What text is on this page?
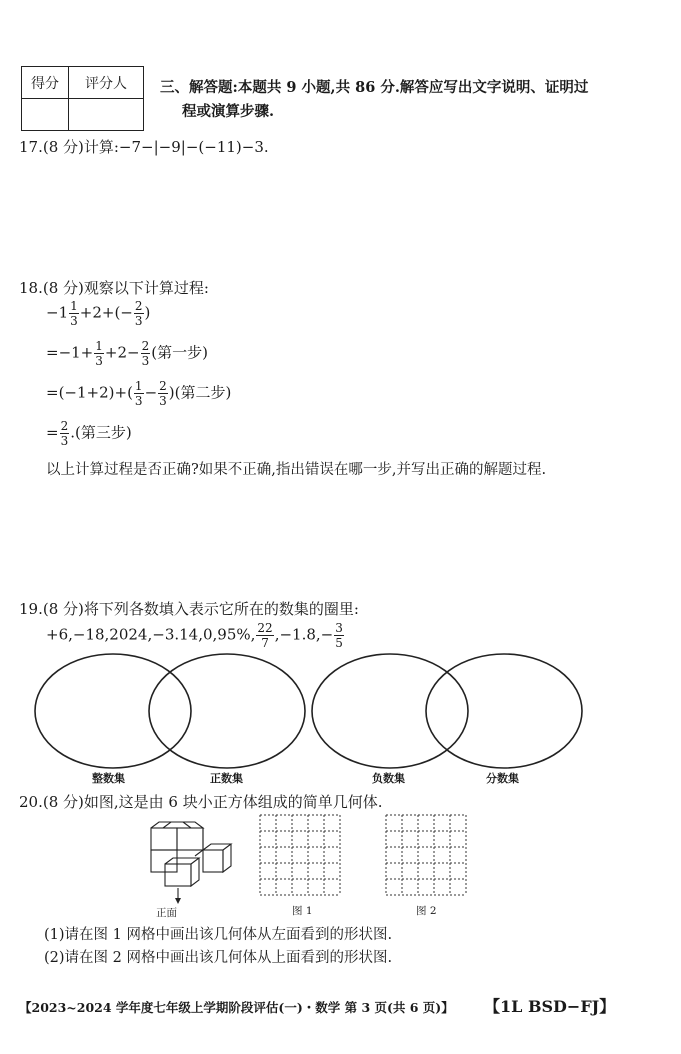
得分	评分人
	三、解答题:本题共 9 小题,共 86 分.解答应写出文字说明、证明过
程或演算步骤.
17.(8 分)计算:−7−|−9|−(−11)−3.
18.(8 分)观察以下计算过程:
$-1 \frac{1}{3} +2+(- \frac{2}{3}$ )
$=-1+ \frac{1}{3} +2- \frac{2}{3}$ (第一步)
$=(-1+2)+( \frac{1}{3} - \frac{2}{3}$ )(第二步)
= $\frac{2}{3}$ .(第三步)
以上计算过程是否正确?如果不正确,指出错误在哪一步,并写出正确的解题过程.
19.(8 分)将下列各数填入表示它所在的数集的圈里:
+6,−18,2024,−3.14,0,95%, $\frac{22}{7} ,-1.8,- \frac{3}{5}$
整数集	正数集	负数集	分数集
20.(8 分)如图,这是由 6 块小正方体组成的简单几何体.
正面	图 1	图 2
(1)请在图 1 网格中画出该几何体从左面看到的形状图.
(2)请在图 2 网格中画出该几何体从上面看到的形状图.
【2023~2024 学年度七年级上学期阶段评估(一)・数学 第 3 页(共 6 页)】 【1L BSD−FJ】
